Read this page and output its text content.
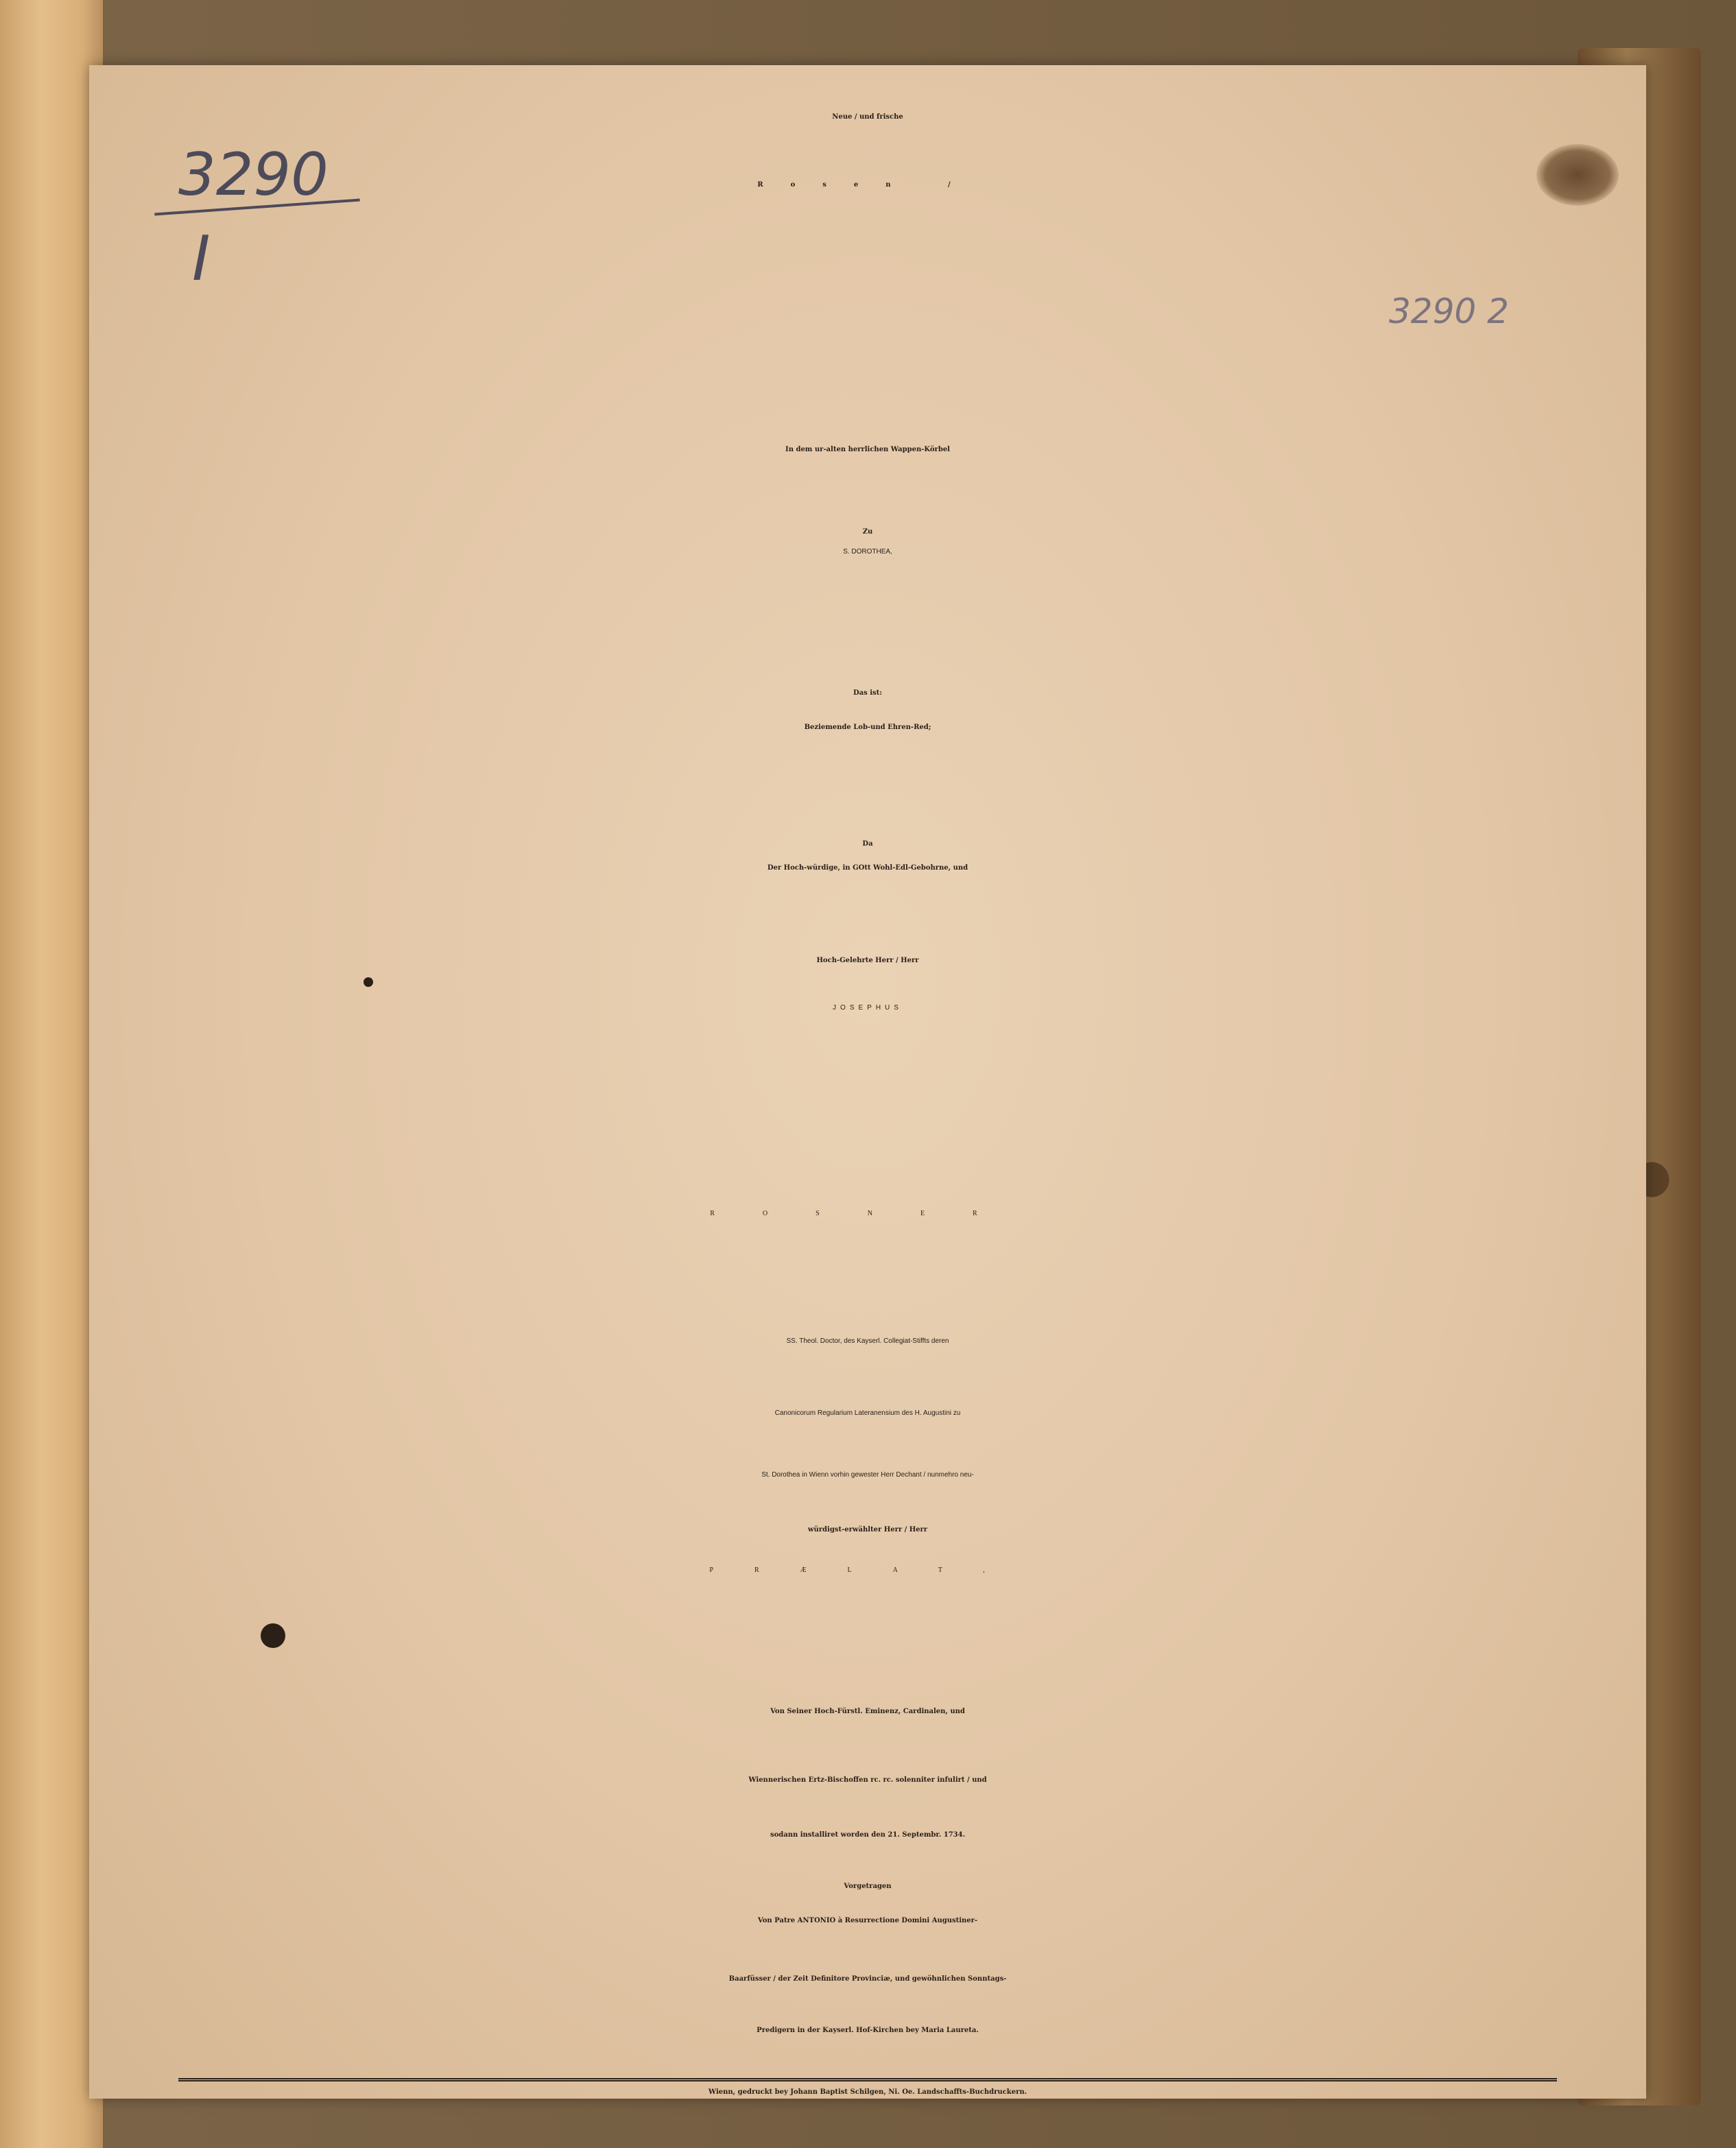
3290
I
3290 2

Neue / und frische

Rosen /

In dem ur-alten herrlichen Wappen-Körbel

Zu

S. DOROTHEA,

Das ist:

Beziemende Lob-und Ehren-Red;

Da

Der Hoch-würdige, in GOtt Wohl-Edl-Gebohrne, und

Hoch-Gelehrte Herr / Herr

JOSEPHUS

ROSNER

SS. Theol. Doctor, des Kayserl. Collegiat-Stiffts deren

Canonicorum Regularium Lateranensium des H. Augustini zu

St. Dorothea in Wienn vorhin gewester Herr Dechant / nunmehro neu-

würdigst-erwählter Herr / Herr

PRÆLAT,

Von Seiner Hoch-Fürstl. Eminenz, Cardinalen, und

Wiennerischen Ertz-Bischoffen rc. rc. solenniter infulirt / und

sodann installiret worden den 21. Septembr. 1734.

Vorgetragen

Von Patre ANTONIO à Resurrectione Domini Augustiner-

Baarfüsser / der Zeit Definitore Provinciæ, und gewöhnlichen Sonntags-

Predigern in der Kayserl. Hof-Kirchen bey Maria Laureta.

Wienn, gedruckt bey Johann Baptist Schilgen, Ni. Oe. Landschaffts-Buchdruckern.
